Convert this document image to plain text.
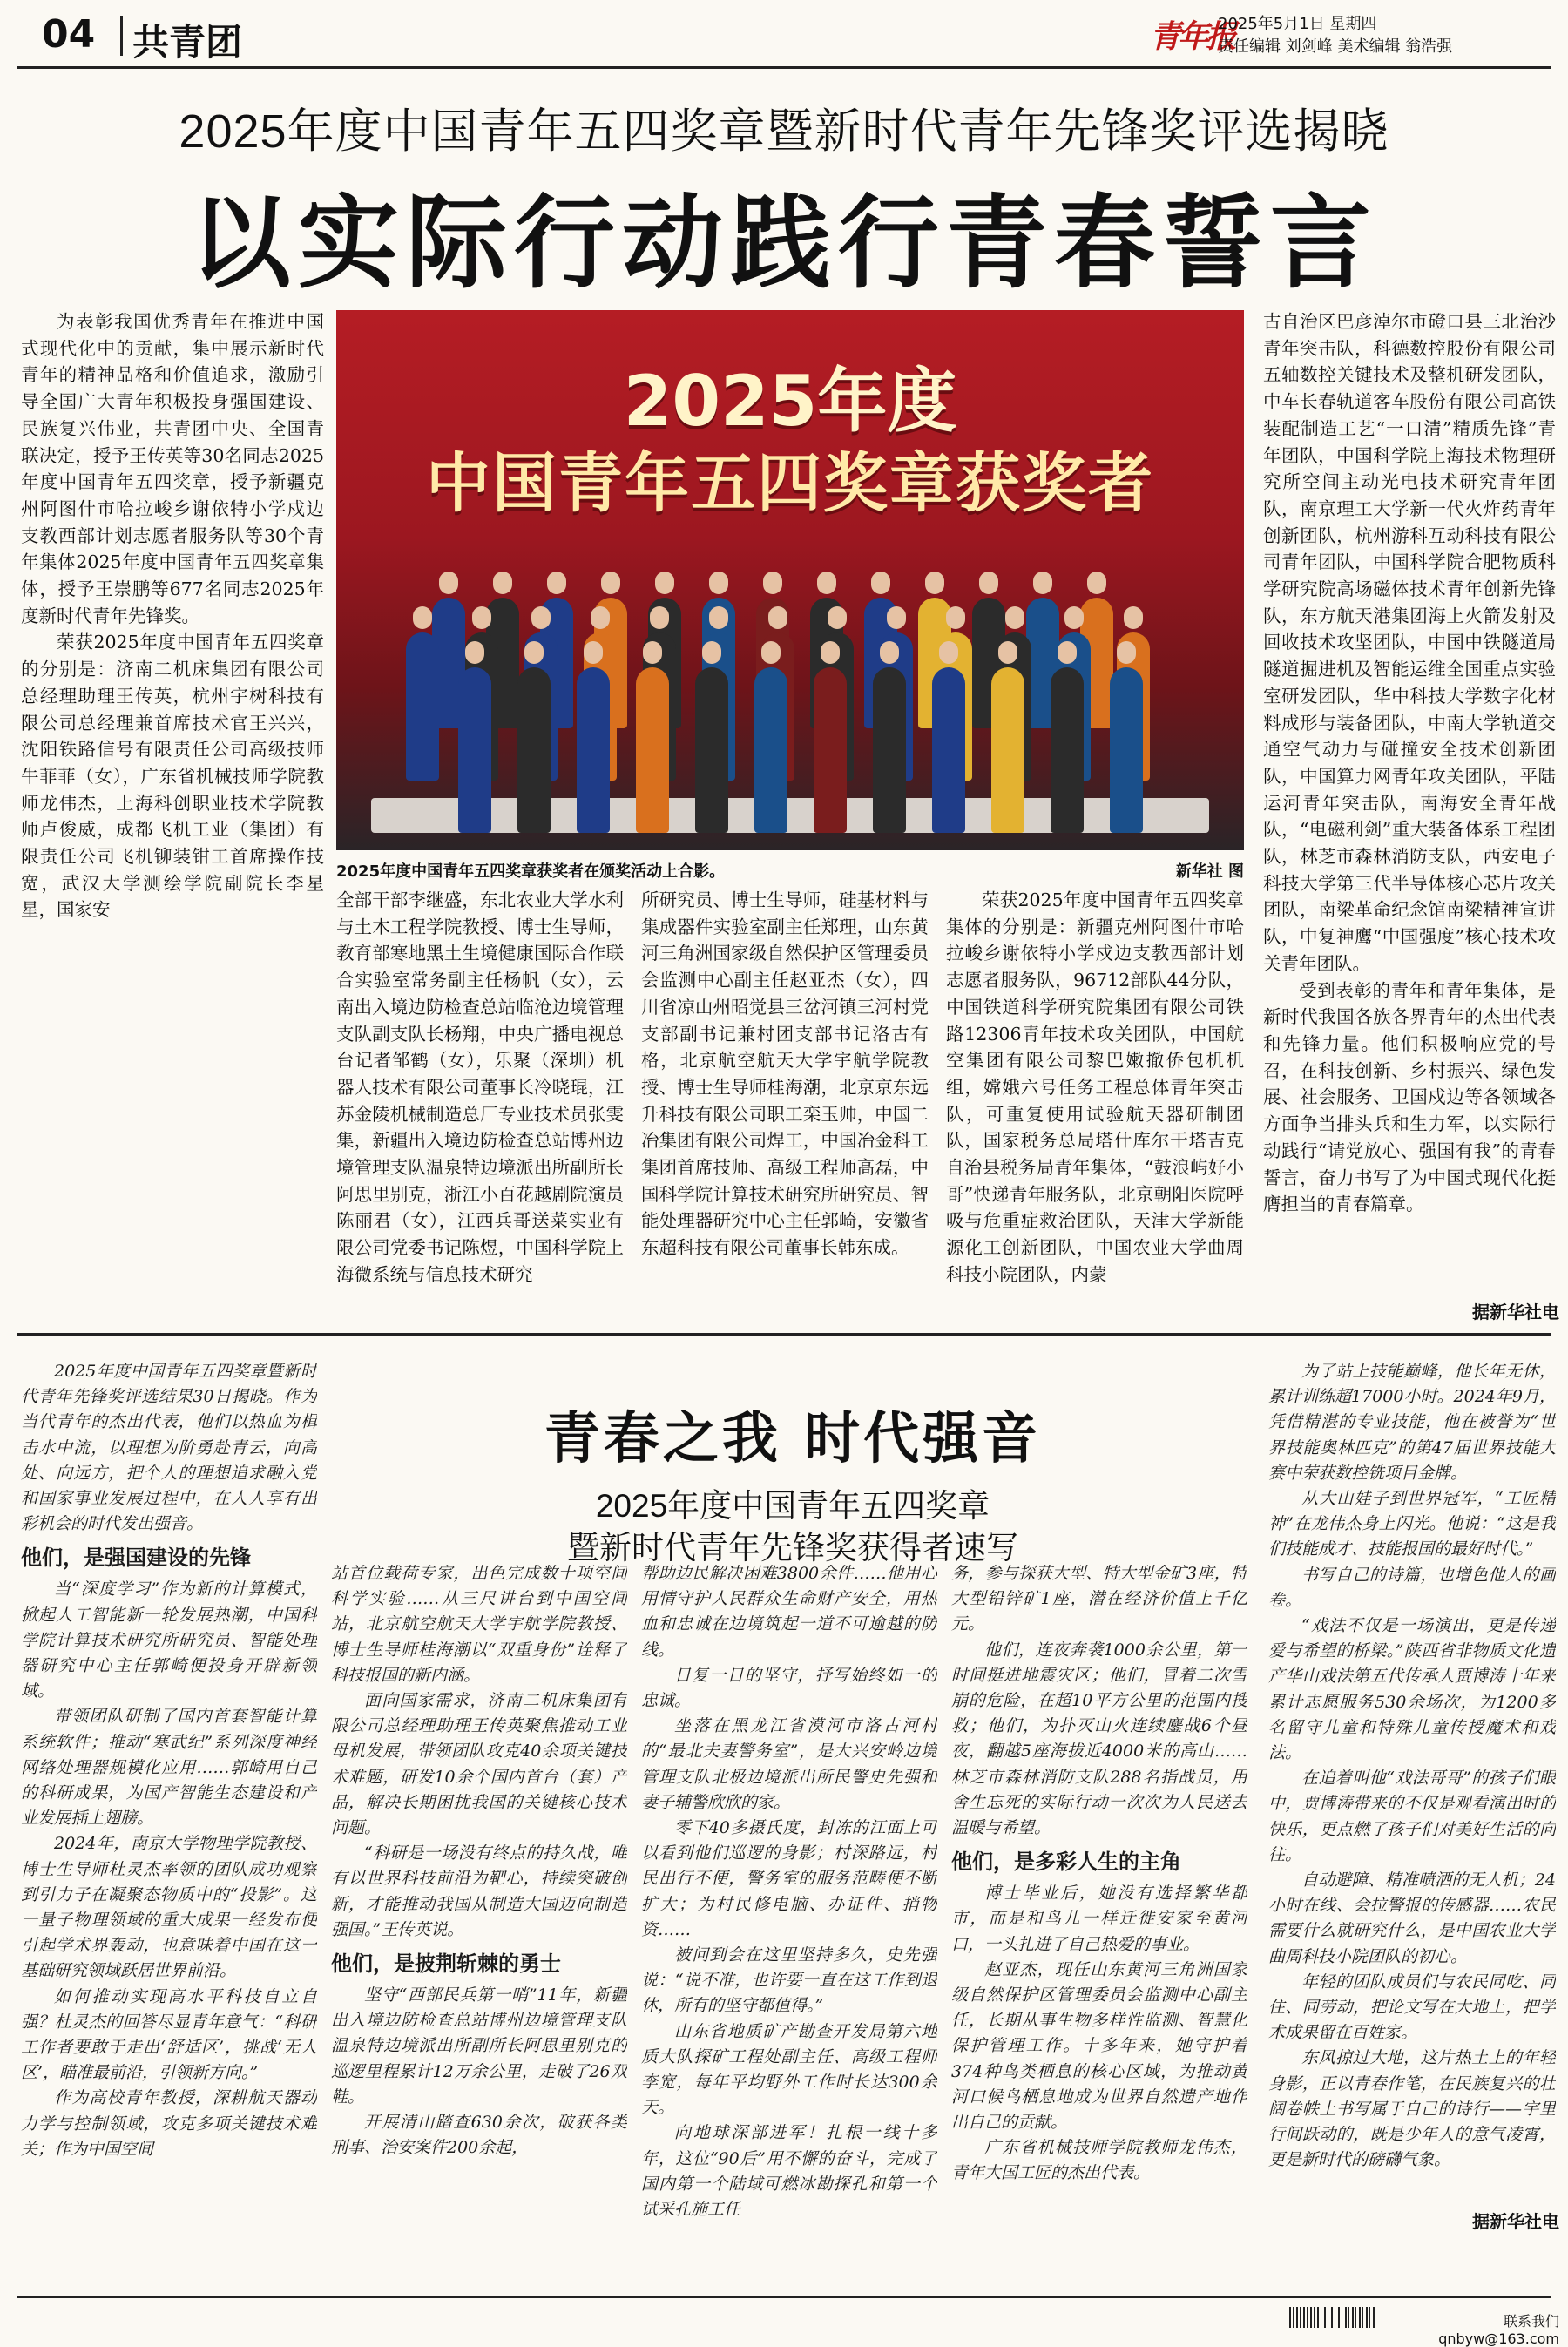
04 共青团	青年报
2025年5月1日 星期四
责任编辑 刘剑峰 美术编辑 翁浩强
2025年度中国青年五四奖章暨新时代青年先锋奖评选揭晓
以实际行动践行青春誓言

为表彰我国优秀青年在推进中国式现代化中的贡献，集中展示新时代青年的精神品格和价值追求，激励引导全国广大青年积极投身强国建设、民族复兴伟业，共青团中央、全国青联决定，授予王传英等30名同志2025年度中国青年五四奖章，授予新疆克州阿图什市哈拉峻乡谢依特小学戍边支教西部计划志愿者服务队等30个青年集体2025年度中国青年五四奖章集体，授予王崇鹏等677名同志2025年度新时代青年先锋奖。

荣获2025年度中国青年五四奖章的分别是：济南二机床集团有限公司总经理助理王传英，杭州宇树科技有限公司总经理兼首席技术官王兴兴，沈阳铁路信号有限责任公司高级技师牛菲菲（女），广东省机械技师学院教师龙伟杰，上海科创职业技术学院教师卢俊威，成都飞机工业（集团）有限责任公司飞机铆装钳工首席操作技

2025年度
中国青年五四奖章获奖者
2025年度中国青年五四奖章获奖者在颁奖活动上合影。	新华社 图

宽，武汉大学测绘学院副院长李星星，国家安	全部干部李继盛，东北农业大学水利与土木工程学院教授、博士生导师，教育部寒地黑土生境健康国际合作联合实验室常务副主任杨帆（女），云南出入境边防检查总站临沧边境管理支队副支队长杨翔，中央广播电视总台记者邹鹤（女），乐聚（深圳）机器人技术有限公司董事长冷晓琨，江苏金陵机械制造总厂专业技术员张雯集，新疆出入境边防检查总站博州边境管理支队温泉特边境派出所副所长阿思里别克，浙江小百花越剧院演员陈丽君（女），江西兵哥送菜实业有限公司党委书记陈煜，中国科学院上海微系统与信息技术研究

所研究员、博士生导师，硅基材料与集成器件实验室副主任郑理，山东黄河三角洲国家级自然保护区管理委员会监测中心副主任赵亚杰（女），四川省凉山州昭觉县三岔河镇三河村党支部副书记兼村团支部书记洛古有格，北京航空航天大学宇航学院教授、博士生导师桂海潮，北京京东远升科技有限公司职工栾玉帅，中国二冶集团有限公司焊工，中国冶金科工集团首席技师、高级工程师高磊，中国科学院计算技术研究所研究员、智能处理器研究中心主任郭崎，安徽省东超科技有限公司董事长韩东成。

荣获2025年度中国青年五四奖章集体的分别是：新疆克州阿图什市哈拉峻乡谢依特小学戍边支教西部计划志愿者服务队，96712部队44分队，中国铁道科学研究院集团有限公司铁路12306青年技术攻关团队，中国航空集团有限公司黎巴嫩撤侨包机机组，嫦娥六号任务工程总体青年突击队，可重复使用试验航天器研制团队，国家税务总局塔什库尔干塔吉克自治县税务局青年集体，“鼓浪屿好小哥”快递青年服务队，北京朝阳医院呼吸与危重症救治团队，天津大学新能源化工创新团队，中国农业大学曲周科技小院团队，内蒙

古自治区巴彦淖尔市磴口县三北治沙青年突击队，科德数控股份有限公司五轴数控关键技术及整机研发团队，中车长春轨道客车股份有限公司高铁装配制造工艺“一口清”精质先锋”青年团队，中国科学院上海技术物理研究所空间主动光电技术研究青年团队，南京理工大学新一代火炸药青年创新团队，杭州游科互动科技有限公司青年团队，中国科学院合肥物质科学研究院高场磁体技术青年创新先锋队，东方航天港集团海上火箭发射及回收技术攻坚团队，中国中铁隧道局隧道掘进机及智能运维全国重点实验室研发团队，华中科技大学数字化材料成形与装备团队，中南大学轨道交通空气动力与碰撞安全技术创新团队，中国算力网青年攻关团队，平陆运河青年突击队，南海安全青年战队，“电磁利剑”重大装备体系工程团队，林芝市森林消防支队，西安电子科技大学第三代半导体核心芯片攻关团队，南梁革命纪念馆南梁精神宣讲队，中复神鹰“中国强度”核心技术攻关青年团队。

受到表彰的青年和青年集体，是新时代我国各族各界青年的杰出代表和先锋力量。他们积极响应党的号召，在科技创新、乡村振兴、绿色发展、社会服务、卫国戍边等各领域各方面争当排头兵和生力军，以实际行动践行“请党放心、强国有我”的青春誓言，奋力书写了为中国式现代化挺膺担当的青春篇章。

据新华社电
青春之我 时代强音
2025年度中国青年五四奖章
暨新时代青年先锋奖获得者速写

2025年度中国青年五四奖章暨新时代青年先锋奖评选结果30日揭晓。作为当代青年的杰出代表，他们以热血为楫击水中流，以理想为阶勇赴青云，向高处、向远方，把个人的理想追求融入党和国家事业发展过程中，在人人享有出彩机会的时代发出强音。

他们，是强国建设的先锋

当“深度学习”作为新的计算模式，掀起人工智能新一轮发展热潮，中国科学院计算技术研究所研究员、智能处理器研究中心主任郭崎便投身开辟新领域。

带领团队研制了国内首套智能计算系统软件；推动“寒武纪”系列深度神经网络处理器规模化应用……郭崎用自己的科研成果，为国产智能生态建设和产业发展插上翅膀。

2024年，南京大学物理学院教授、博士生导师杜灵杰率领的团队成功观察到引力子在凝聚态物质中的“投影”。这一量子物理领域的重大成果一经发布便引起学术界轰动，也意味着中国在这一基础研究领域跃居世界前沿。

如何推动实现高水平科技自立自强？杜灵杰的回答尽显青年意气：“科研工作者要敢于走出‘舒适区’，挑战‘无人区’，瞄准最前沿，引领新方向。”

作为高校青年教授，深耕航天器动力学与控制领域，攻克多项关键技术难关；作为中国空间

站首位载荷专家，出色完成数十项空间科学实验……从三尺讲台到中国空间站，北京航空航天大学宇航学院教授、博士生导师桂海潮以“双重身份”诠释了科技报国的新内涵。

面向国家需求，济南二机床集团有限公司总经理助理王传英聚焦推动工业母机发展，带领团队攻克40余项关键技术难题，研发10余个国内首台（套）产品，解决长期困扰我国的关键核心技术问题。

“科研是一场没有终点的持久战，唯有以世界科技前沿为靶心，持续突破创新，才能推动我国从制造大国迈向制造强国。”王传英说。

他们，是披荆斩棘的勇士

坚守“西部民兵第一哨”11年，新疆出入境边防检查总站博州边境管理支队温泉特边境派出所副所长阿思里别克的巡逻里程累计12万余公里，走破了26双鞋。

开展清山踏查630余次，破获各类刑事、治安案件200余起，

帮助边民解决困难3800余件……他用心用情守护人民群众生命财产安全，用热血和忠诚在边境筑起一道不可逾越的防线。

日复一日的坚守，抒写始终如一的忠诚。

坐落在黑龙江省漠河市洛古河村的“最北夫妻警务室”，是大兴安岭边境管理支队北极边境派出所民警史先强和妻子辅警欣欣的家。

零下40多摄氏度，封冻的江面上可以看到他们巡逻的身影；村深路远，村民出行不便，警务室的服务范畴便不断扩大；为村民修电脑、办证件、捎物资……

被问到会在这里坚持多久，史先强说：“说不准，也许要一直在这工作到退休，所有的坚守都值得。”

山东省地质矿产勘查开发局第六地质大队探矿工程处副主任、高级工程师李宽，每年平均野外工作时长达300余天。

向地球深部进军！扎根一线十多年，这位“90后”用不懈的奋斗，完成了国内第一个陆域可燃冰勘探孔和第一个试采孔施工任

务，参与探获大型、特大型金矿3座，特大型铅锌矿1座，潜在经济价值上千亿元。

他们，连夜奔袭1000余公里，第一时间挺进地震灾区；他们，冒着二次雪崩的危险，在超10平方公里的范围内搜救；他们，为扑灭山火连续鏖战6个昼夜，翻越5座海拔近4000米的高山……林芝市森林消防支队288名指战员，用舍生忘死的实际行动一次次为人民送去温暖与希望。

他们，是多彩人生的主角

博士毕业后，她没有选择繁华都市，而是和鸟儿一样迁徙安家至黄河口，一头扎进了自己热爱的事业。

赵亚杰，现任山东黄河三角洲国家级自然保护区管理委员会监测中心副主任，长期从事生物多样性监测、智慧化保护管理工作。十多年来，她守护着374种鸟类栖息的核心区域，为推动黄河口候鸟栖息地成为世界自然遗产地作出自己的贡献。

广东省机械技师学院教师龙伟杰，青年大国工匠的杰出代表。

为了站上技能巅峰，他长年无休，累计训练超17000小时。2024年9月，凭借精湛的专业技能，他在被誉为“世界技能奥林匹克”的第47届世界技能大赛中荣获数控铣项目金牌。

从大山娃子到世界冠军，“工匠精神”在龙伟杰身上闪光。他说：“这是我们技能成才、技能报国的最好时代。”

书写自己的诗篇，也增色他人的画卷。

“戏法不仅是一场演出，更是传递爱与希望的桥梁。”陕西省非物质文化遗产华山戏法第五代传承人贾博涛十年来累计志愿服务530余场次，为1200多名留守儿童和特殊儿童传授魔术和戏法。

在追着叫他“戏法哥哥”的孩子们眼中，贾博涛带来的不仅是观看演出时的快乐，更点燃了孩子们对美好生活的向往。

自动避障、精准喷洒的无人机；24小时在线、会拉警报的传感器……农民需要什么就研究什么，是中国农业大学曲周科技小院团队的初心。

年轻的团队成员们与农民同吃、同住、同劳动，把论文写在大地上，把学术成果留在百姓家。

东风掠过大地，这片热土上的年轻身影，正以青春作笔，在民族复兴的壮阔卷帙上书写属于自己的诗行——宇里行间跃动的，既是少年人的意气凌霄，更是新时代的磅礴气象。

据新华社电
联系我们 qnbyw@163.com
